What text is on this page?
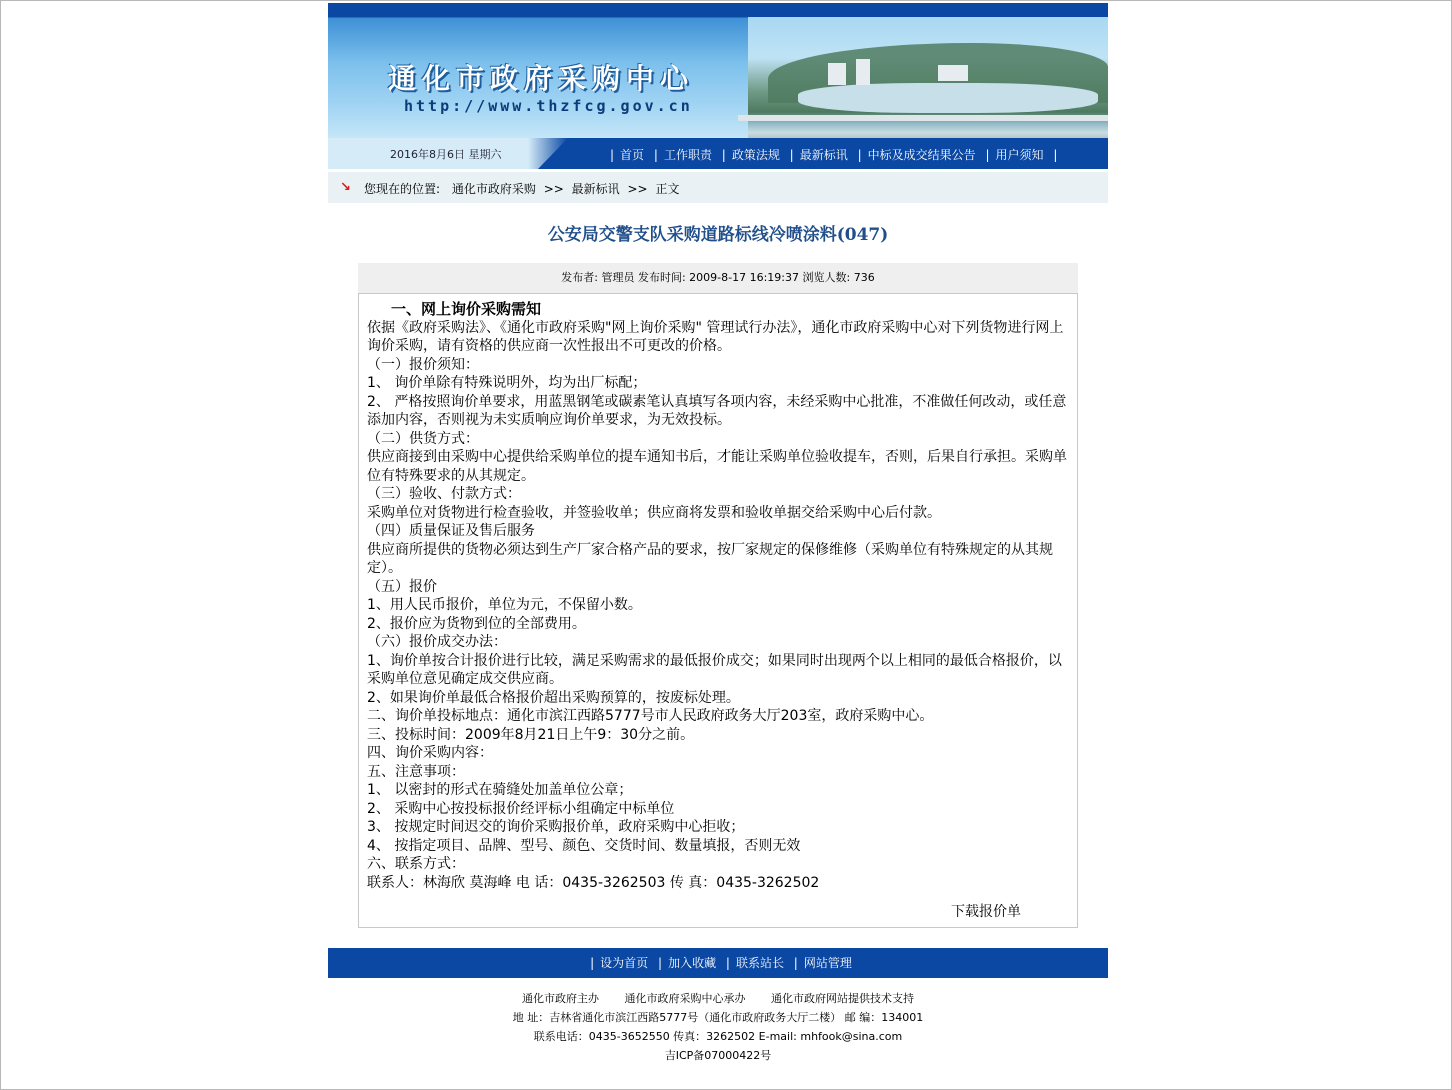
通化市政府采购中心
http://www.thzfcg.gov.cn
2016年8月6日 星期六	| 首页 | 工作职责 | 政策法规 | 最新标讯 | 中标及成交结果公告 | 用户须知 |
↘ 您现在的位置: 通化市政府采购 >> 最新标讯 >> 正文
公安局交警支队采购道路标线冷喷涂料(047)
发布者: 管理员 发布时间: 2009-8-17 16:19:37 浏览人数: 736

一、网上询价采购需知

依据《政府采购法》、《通化市政府采购"网上询价采购" 管理试行办法》，通化市政府采购中心对下列货物进行网上询价采购，请有资格的供应商一次性报出不可更改的价格。

（一）报价须知：

1、 询价单除有特殊说明外，均为出厂标配；

2、 严格按照询价单要求，用蓝黑钢笔或碳素笔认真填写各项内容，未经采购中心批准，不准做任何改动，或任意添加内容，否则视为未实质响应询价单要求，为无效投标。

（二）供货方式：

供应商接到由采购中心提供给采购单位的提车通知书后，才能让采购单位验收提车，否则，后果自行承担。采购单位有特殊要求的从其规定。

（三）验收、付款方式：

采购单位对货物进行检查验收，并签验收单；供应商将发票和验收单据交给采购中心后付款。

（四）质量保证及售后服务

供应商所提供的货物必须达到生产厂家合格产品的要求，按厂家规定的保修维修（采购单位有特殊规定的从其规定）。

（五）报价

1、用人民币报价，单位为元，不保留小数。

2、报价应为货物到位的全部费用。

（六）报价成交办法：

1、询价单按合计报价进行比较，满足采购需求的最低报价成交；如果同时出现两个以上相同的最低合格报价，以采购单位意见确定成交供应商。

2、如果询价单最低合格报价超出采购预算的，按废标处理。

二、询价单投标地点：通化市滨江西路5777号市人民政府政务大厅203室，政府采购中心。

三、投标时间：2009年8月21日上午9：30分之前。

四、询价采购内容：

五、注意事项：

1、 以密封的形式在骑缝处加盖单位公章；

2、 采购中心按投标报价经评标小组确定中标单位

3、 按规定时间迟交的询价采购报价单，政府采购中心拒收；

4、 按指定项目、品牌、型号、颜色、交货时间、数量填报，否则无效

六、联系方式：

联系人：林海欣 莫海峰 电 话：0435-3262503 传 真：0435-3262502

下载报价单
| 设为首页 | 加入收藏 | 联系站长 | 网站管理
通化市政府主办 通化市政府采购中心承办 通化市政府网站提供技术支持
地 址：吉林省通化市滨江西路5777号（通化市政府政务大厅二楼） 邮 编：134001
联系电话：0435-3652550 传真：3262502 E-mail: mhfook@sina.com
吉ICP备07000422号
